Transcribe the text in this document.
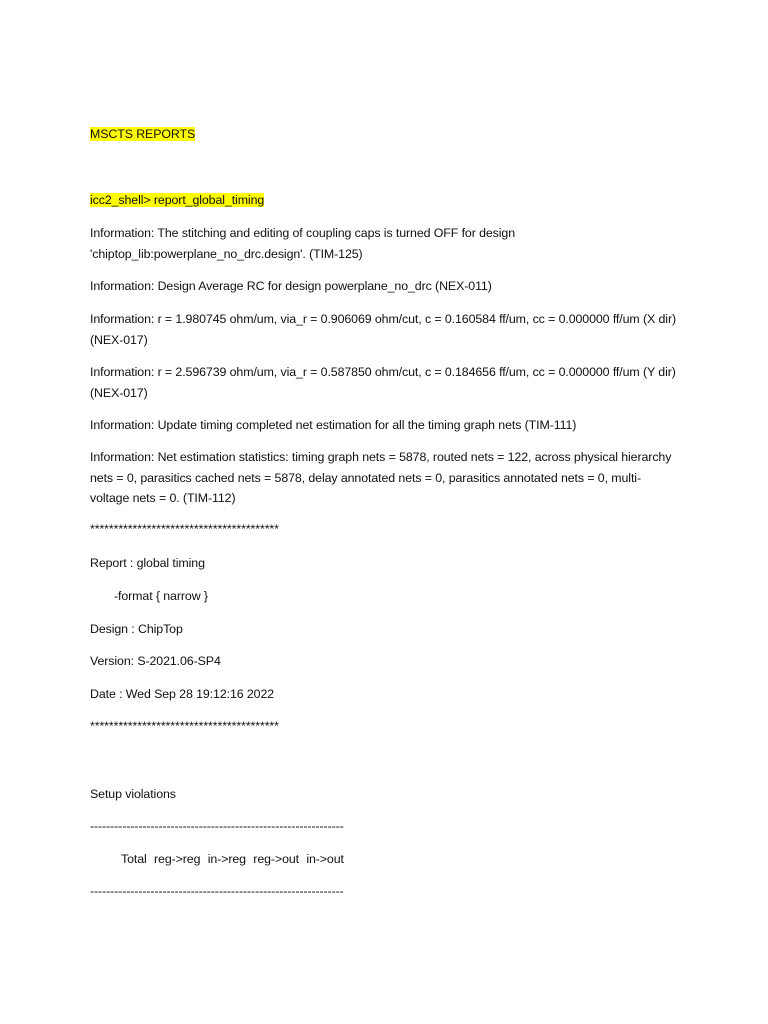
MSCTS REPORTS
icc2_shell> report_global_timing
Information: The stitching and editing of coupling caps is turned OFF for design 'chiptop_lib:powerplane_no_drc.design'. (TIM-125)
Information: Design Average RC for design powerplane_no_drc (NEX-011)
Information: r = 1.980745 ohm/um, via_r = 0.906069 ohm/cut, c = 0.160584 ff/um, cc = 0.000000 ff/um (X dir) (NEX-017)
Information: r = 2.596739 ohm/um, via_r = 0.587850 ohm/cut, c = 0.184656 ff/um, cc = 0.000000 ff/um (Y dir) (NEX-017)
Information: Update timing completed net estimation for all the timing graph nets (TIM-111)
Information: Net estimation statistics: timing graph nets = 5878, routed nets = 122, across physical hierarchy nets = 0, parasitics cached nets = 5878, delay annotated nets = 0, parasitics annotated nets = 0, multi-voltage nets = 0. (TIM-112)
****************************************
Report : global timing
-format { narrow }
Design : ChipTop
Version: S-2021.06-SP4
Date : Wed Sep 28 19:12:16 2022
****************************************
Setup violations
---------------------------------------------------------------
Total reg->reg in->reg reg->out in->out
---------------------------------------------------------------
